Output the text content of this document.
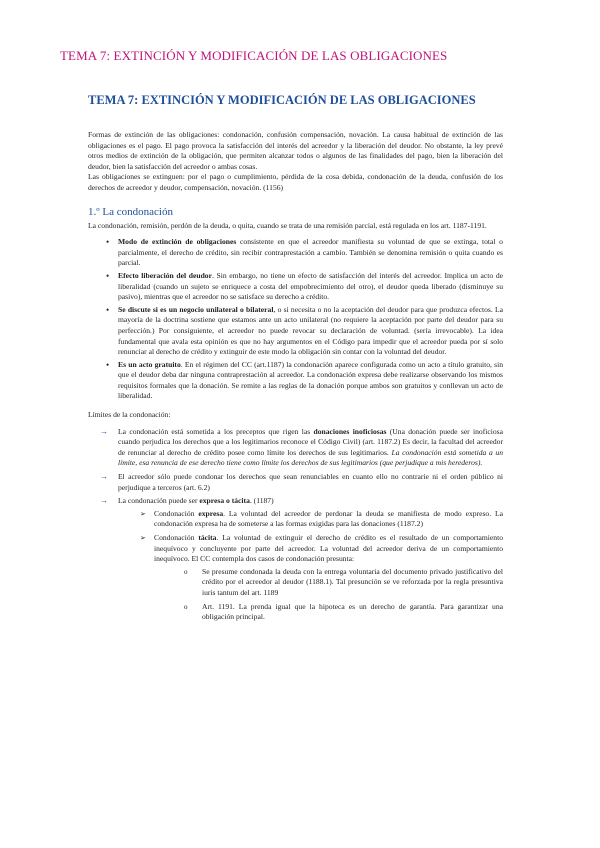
TEMA 7: EXTINCIÓN Y MODIFICACIÓN DE LAS OBLIGACIONES
TEMA 7: EXTINCIÓN Y MODIFICACIÓN DE LAS OBLIGACIONES

Formas de extinción de las obligaciones: condonación, confusión compensación, novación. La causa habitual de extinción de las obligaciones es el pago. El pago provoca la satisfacción del interés del acreedor y la liberación del deudor. No obstante, la ley prevé otros medios de extinción de la obligación, que permiten alcanzar todos o algunos de las finalidades del pago, bien la liberación del deudor, bien la satisfacción del acreedor o ambas cosas.

Las obligaciones se extinguen: por el pago o cumplimiento, pérdida de la cosa debida, condonación de la deuda, confusión de los derechos de acreedor y deudor, compensación, novación. (1156)

1.º La condonación

La condonación, remisión, perdón de la deuda, o quita, cuando se trata de una remisión parcial, está regulada en los art. 1187-1191.

• Modo de extinción de obligaciones consistente en que el acreedor manifiesta su voluntad de que se extinga, total o parcialmente, el derecho de crédito, sin recibir contraprestación a cambio. También se denomina remisión o quita cuando es parcial.
• Efecto liberación del deudor. Sin embargo, no tiene un efecto de satisfacción del interés del acreedor. Implica un acto de liberalidad (cuando un sujeto se enriquece a costa del empobrecimiento del otro), el deudor queda liberado (disminuye su pasivo), mientras que el acreedor no se satisface su derecho a crédito.
• Se discute si es un negocio unilateral o bilateral, o si necesita o no la aceptación del deudor para que produzca efectos. La mayoría de la doctrina sostiene que estamos ante un acto unilateral (no requiere la aceptación por parte del deudor para su perfección.) Por consiguiente, el acreedor no puede revocar su declaración de voluntad. (sería irrevocable). La idea fundamental que avala esta opinión es que no hay argumentos en el Código para impedir que el acreedor pueda por sí solo renunciar al derecho de crédito y extinguir de este modo la obligación sin contar con la voluntad del deudor.
• Es un acto gratuito. En el régimen del CC (art.1187) la condonación aparece configurada como un acto a título gratuito, sin que el deudor deba dar ninguna contraprestación al acreedor. La condonación expresa debe realizarse observando los mismos requisitos formales que la donación. Se remite a las reglas de la donación porque ambos son gratuitos y conllevan un acto de liberalidad.

Límites de la condonación:

→ La condonación está sometida a los preceptos que rigen las donaciones inoficiosas (Una donación puede ser inoficiosa cuando perjudica los derechos que a los legitimarios reconoce el Código Civil) (art. 1187.2) Es decir, la facultad del acreedor de renunciar al derecho de crédito posee como límite los derechos de sus legitimarios. La condonación está sometida a un límite, esa renuncia de ese derecho tiene como límite los derechos de sus legitimarios (que perjudique a mis herederos).
→ El acreedor sólo puede condonar los derechos que sean renunciables en cuanto ello no contraríe ni el orden público ni perjudique a terceros (art. 6.2)
→ La condonación puede ser expresa o tácita. (1187)
➢ Condonación expresa. La voluntad del acreedor de perdonar la deuda se manifiesta de modo expreso. La condonación expresa ha de someterse a las formas exigidas para las donaciones (1187.2)
➢ Condonación tácita. La voluntad de extinguir el derecho de crédito es el resultado de un comportamiento inequívoco y concluyente por parte del acreedor. La voluntad del acreedor deriva de un comportamiento inequívoco. El CC contempla dos casos de condonación presunta:
o Se presume condonada la deuda con la entrega voluntaria del documento privado justificativo del crédito por el acreedor al deudor (1188.1). Tal presunción se ve reforzada por la regla presuntiva iuris tantum del art. 1189
o Art. 1191. La prenda igual que la hipoteca es un derecho de garantía. Para garantizar una obligación principal.
